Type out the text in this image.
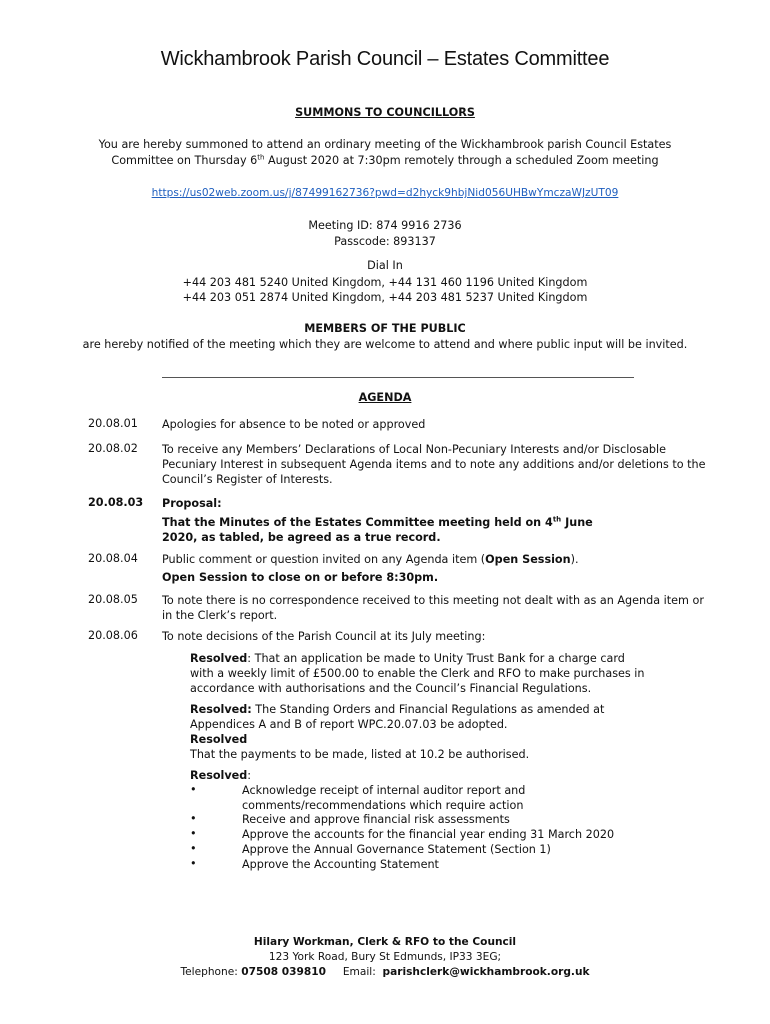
Wickhambrook Parish Council – Estates Committee
SUMMONS TO COUNCILLORS
You are hereby summoned to attend an ordinary meeting of the Wickhambrook parish Council Estates
Committee on Thursday 6th August 2020 at 7:30pm remotely through a scheduled Zoom meeting
https://us02web.zoom.us/j/87499162736?pwd=d2hyck9hbjNid056UHBwYmczaWJzUT09
Meeting ID: 874 9916 2736
Passcode: 893137
Dial In
+44 203 481 5240 United Kingdom, +44 131 460 1196 United Kingdom
+44 203 051 2874 United Kingdom, +44 203 481 5237 United Kingdom
MEMBERS OF THE PUBLIC
are hereby notified of the meeting which they are welcome to attend and where public input will be invited.
AGENDA
20.08.01 Apologies for absence to be noted or approved
20.08.02 To receive any Members’ Declarations of Local Non-Pecuniary Interests and/or Disclosable
Pecuniary Interest in subsequent Agenda items and to note any additions and/or deletions to the
Council’s Register of Interests.
20.08.03 Proposal:
That the Minutes of the Estates Committee meeting held on 4th June
2020, as tabled, be agreed as a true record.
20.08.04 Public comment or question invited on any Agenda item (Open Session).
Open Session to close on or before 8:30pm.
20.08.05 To note there is no correspondence received to this meeting not dealt with as an Agenda item or
in the Clerk’s report.
20.08.06 To note decisions of the Parish Council at its July meeting:
Resolved: That an application be made to Unity Trust Bank for a charge card
with a weekly limit of £500.00 to enable the Clerk and RFO to make purchases in
accordance with authorisations and the Council’s Financial Regulations.
Resolved: The Standing Orders and Financial Regulations as amended at
Appendices A and B of report WPC.20.07.03 be adopted.
Resolved
That the payments to be made, listed at 10.2 be authorised.
Resolved:
•	Acknowledge receipt of internal auditor report and
comments/recommendations which require action
•	Receive and approve financial risk assessments
•	Approve the accounts for the financial year ending 31 March 2020
•	Approve the Annual Governance Statement (Section 1)
•	Approve the Accounting Statement
Hilary Workman, Clerk & RFO to the Council
123 York Road, Bury St Edmunds, IP33 3EG;
Telephone: 07508 039810     Email:  parishclerk@wickhambrook.org.uk
